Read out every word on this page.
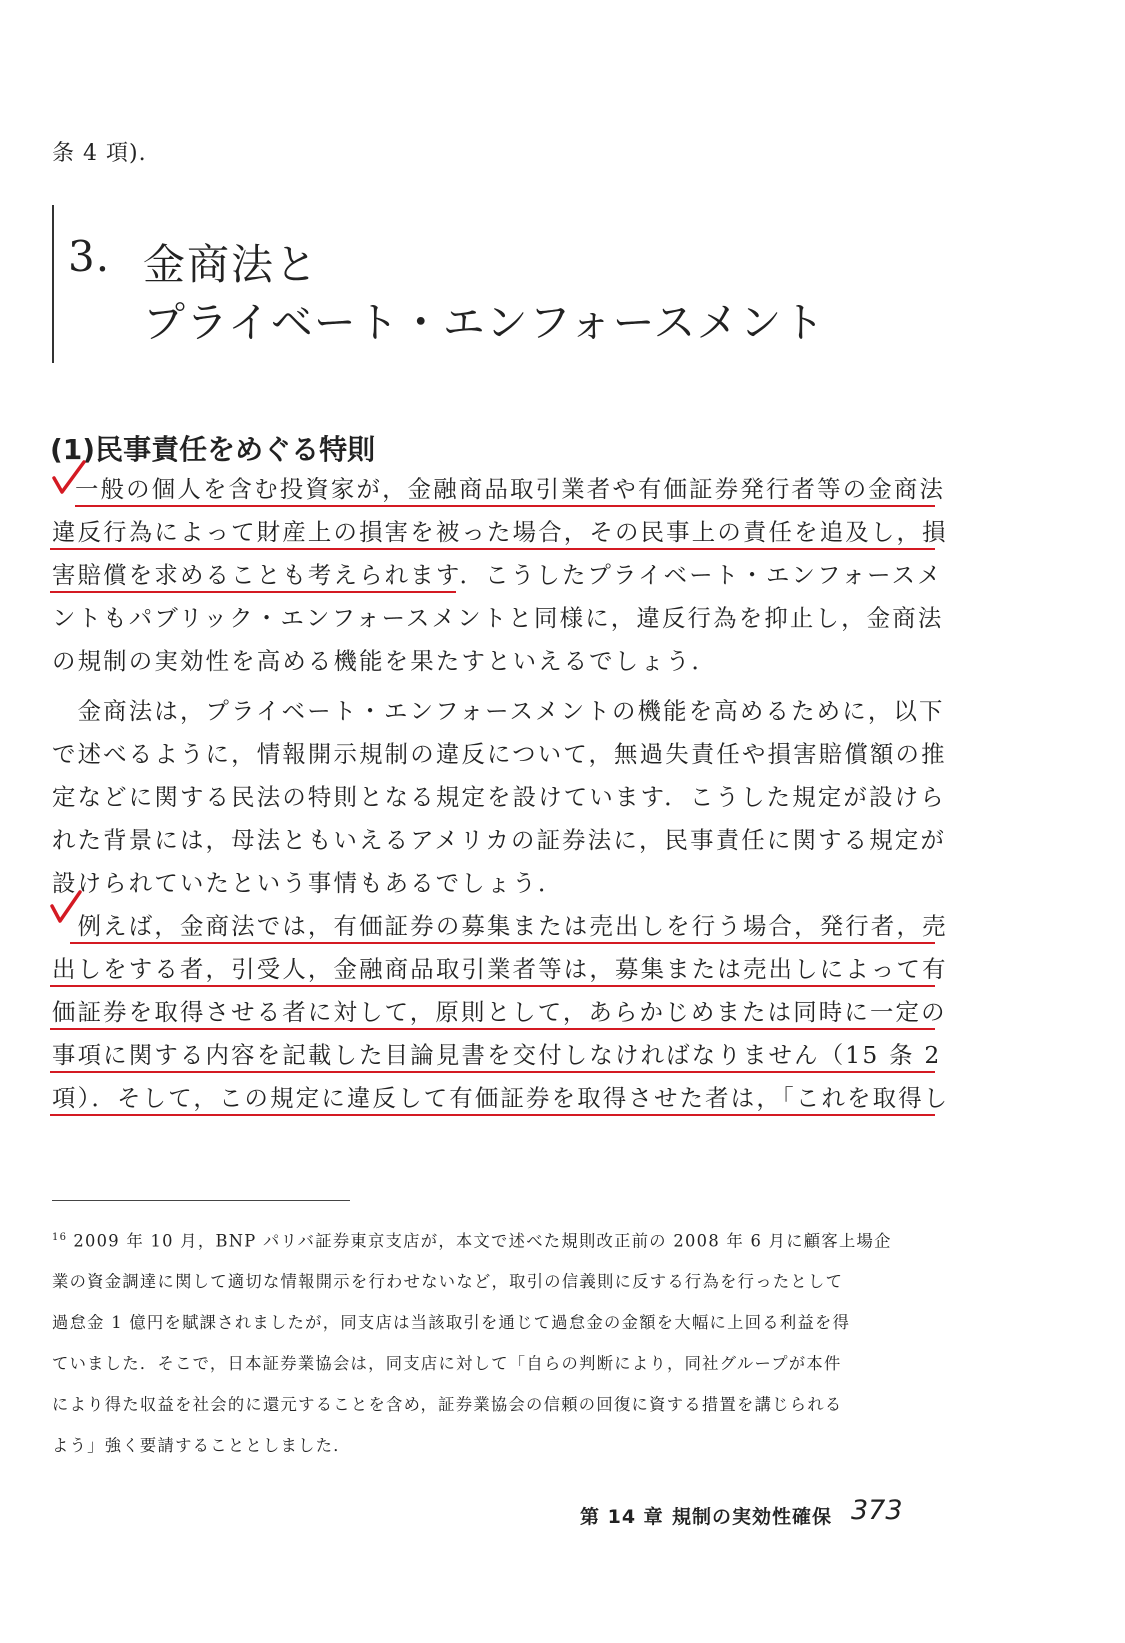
条 4 項).
3. 金商法と
プライベート・エンフォースメント
(1)民事責任をめぐる特則
一般の個人を含む投資家が，金融商品取引業者や有価証券発行者等の金商法
違反行為によって財産上の損害を被った場合，その民事上の責任を追及し，損
害賠償を求めることも考えられます．こうしたプライベート・エンフォースメ
ントもパブリック・エンフォースメントと同様に，違反行為を抑止し，金商法
の規制の実効性を高める機能を果たすといえるでしょう．
　金商法は，プライベート・エンフォースメントの機能を高めるために，以下
で述べるように，情報開示規制の違反について，無過失責任や損害賠償額の推
定などに関する民法の特則となる規定を設けています．こうした規定が設けら
れた背景には，母法ともいえるアメリカの証券法に，民事責任に関する規定が
設けられていたという事情もあるでしょう．
　例えば，金商法では，有価証券の募集または売出しを行う場合，発行者，売
出しをする者，引受人，金融商品取引業者等は，募集または売出しによって有
価証券を取得させる者に対して，原則として，あらかじめまたは同時に一定の
事項に関する内容を記載した目論見書を交付しなければなりません（15 条 2
項）．そして，この規定に違反して有価証券を取得させた者は，「これを取得し
$^{16}$ 2009 年 10 月，BNP パリバ証券東京支店が，本文で述べた規則改正前の 2008 年 6 月に顧客上場企
業の資金調達に関して適切な情報開示を行わせないなど，取引の信義則に反する行為を行ったとして
過怠金 1 億円を賦課されましたが，同支店は当該取引を通じて過怠金の金額を大幅に上回る利益を得
ていました．そこで，日本証券業協会は，同支店に対して「自らの判断により，同社グループが本件
により得た収益を社会的に還元することを含め，証券業協会の信頼の回復に資する措置を講じられる
よう」強く要請することとしました．
第 14 章 規制の実効性確保 373
